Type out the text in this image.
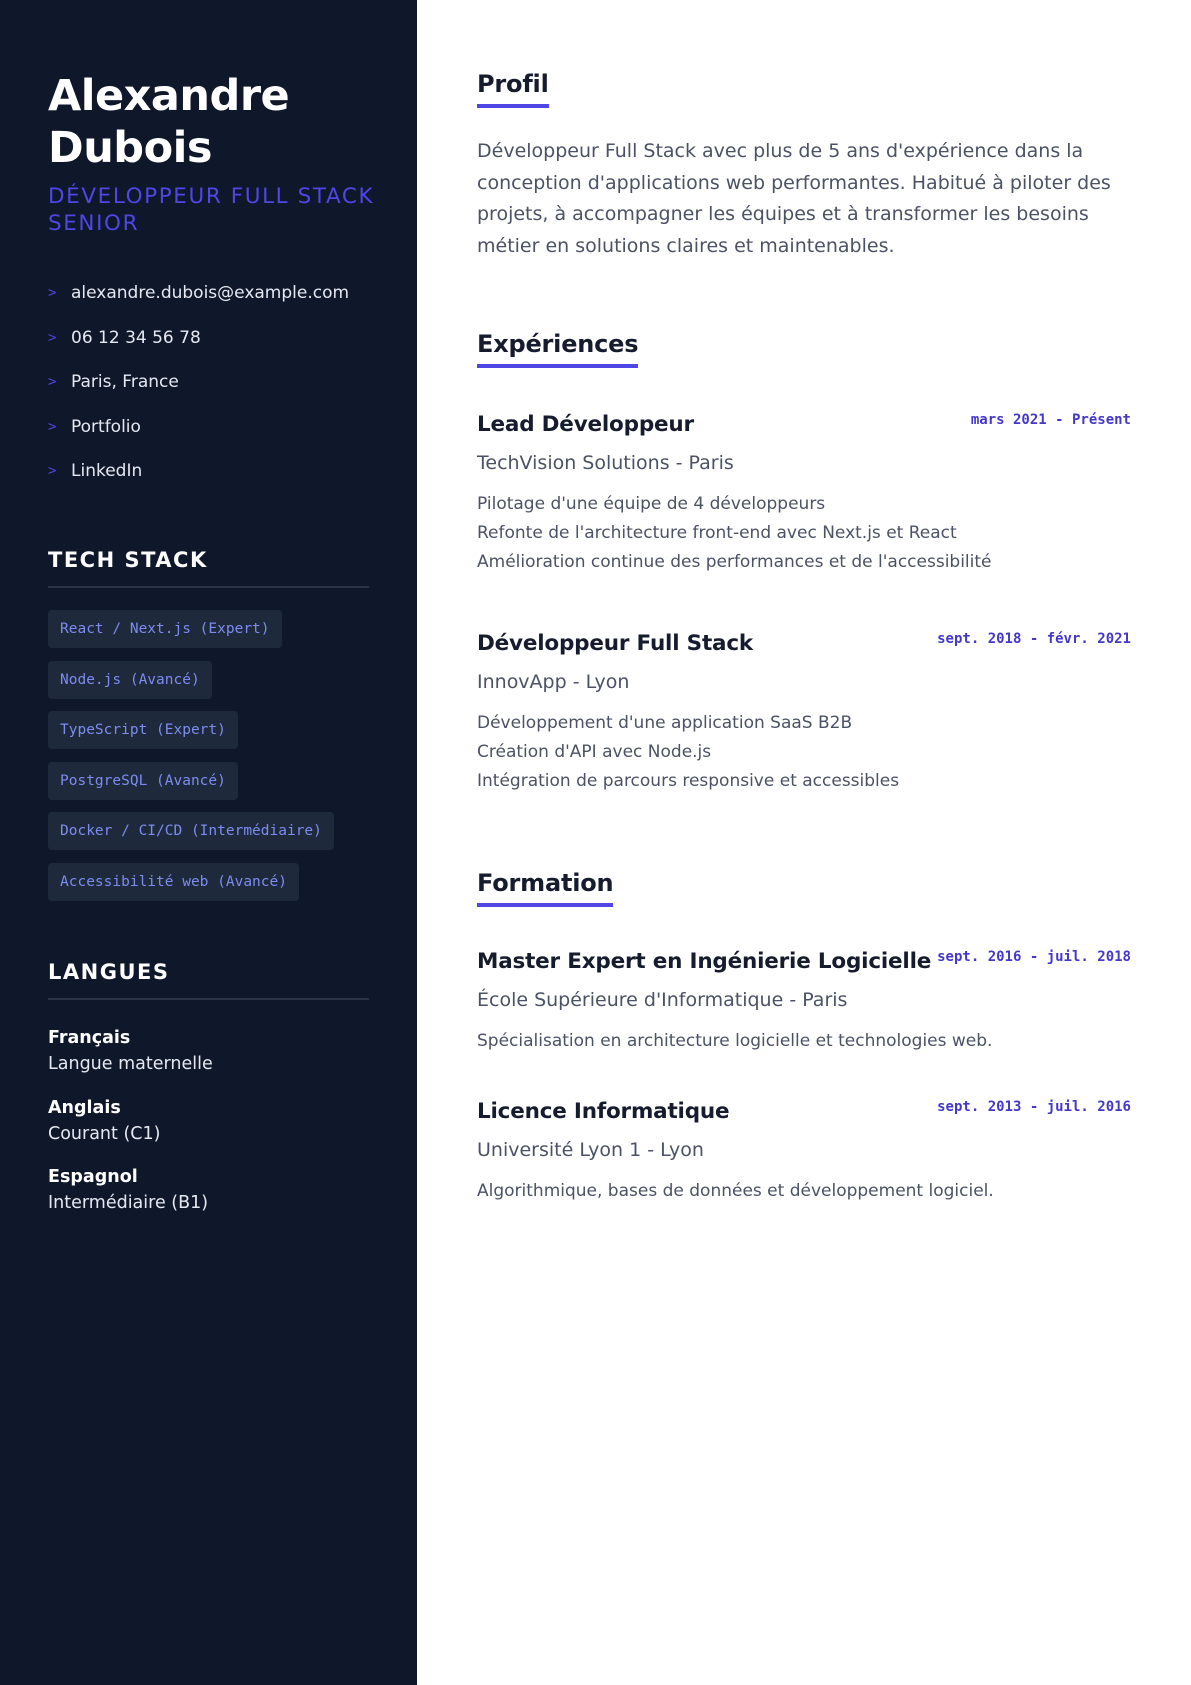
Alexandre Dubois
DÉVELOPPEUR FULL STACK SENIOR
> alexandre.dubois@example.com
> 06 12 34 56 78
> Paris, France
> Portfolio
> LinkedIn
TECH STACK
React / Next.js (Expert)
Node.js (Avancé)
TypeScript (Expert)
PostgreSQL (Avancé)
Docker / CI/CD (Intermédiaire)
Accessibilité web (Avancé)
LANGUES
Français
Langue maternelle
Anglais
Courant (C1)
Espagnol
Intermédiaire (B1)
Profil
Développeur Full Stack avec plus de 5 ans d'expérience dans la conception d'applications web performantes. Habitué à piloter des projets, à accompagner les équipes et à transformer les besoins métier en solutions claires et maintenables.
Expériences
Lead Développeur	mars 2021 - Présent
TechVision Solutions - Paris
Pilotage d'une équipe de 4 développeurs
Refonte de l'architecture front-end avec Next.js et React
Amélioration continue des performances et de l'accessibilité
Développeur Full Stack	sept. 2018 - févr. 2021
InnovApp - Lyon
Développement d'une application SaaS B2B
Création d'API avec Node.js
Intégration de parcours responsive et accessibles
Formation
Master Expert en Ingénierie Logicielle sept. 2016 - juil. 2018
École Supérieure d'Informatique - Paris
Spécialisation en architecture logicielle et technologies web.
Licence Informatique	sept. 2013 - juil. 2016
Université Lyon 1 - Lyon
Algorithmique, bases de données et développement logiciel.
